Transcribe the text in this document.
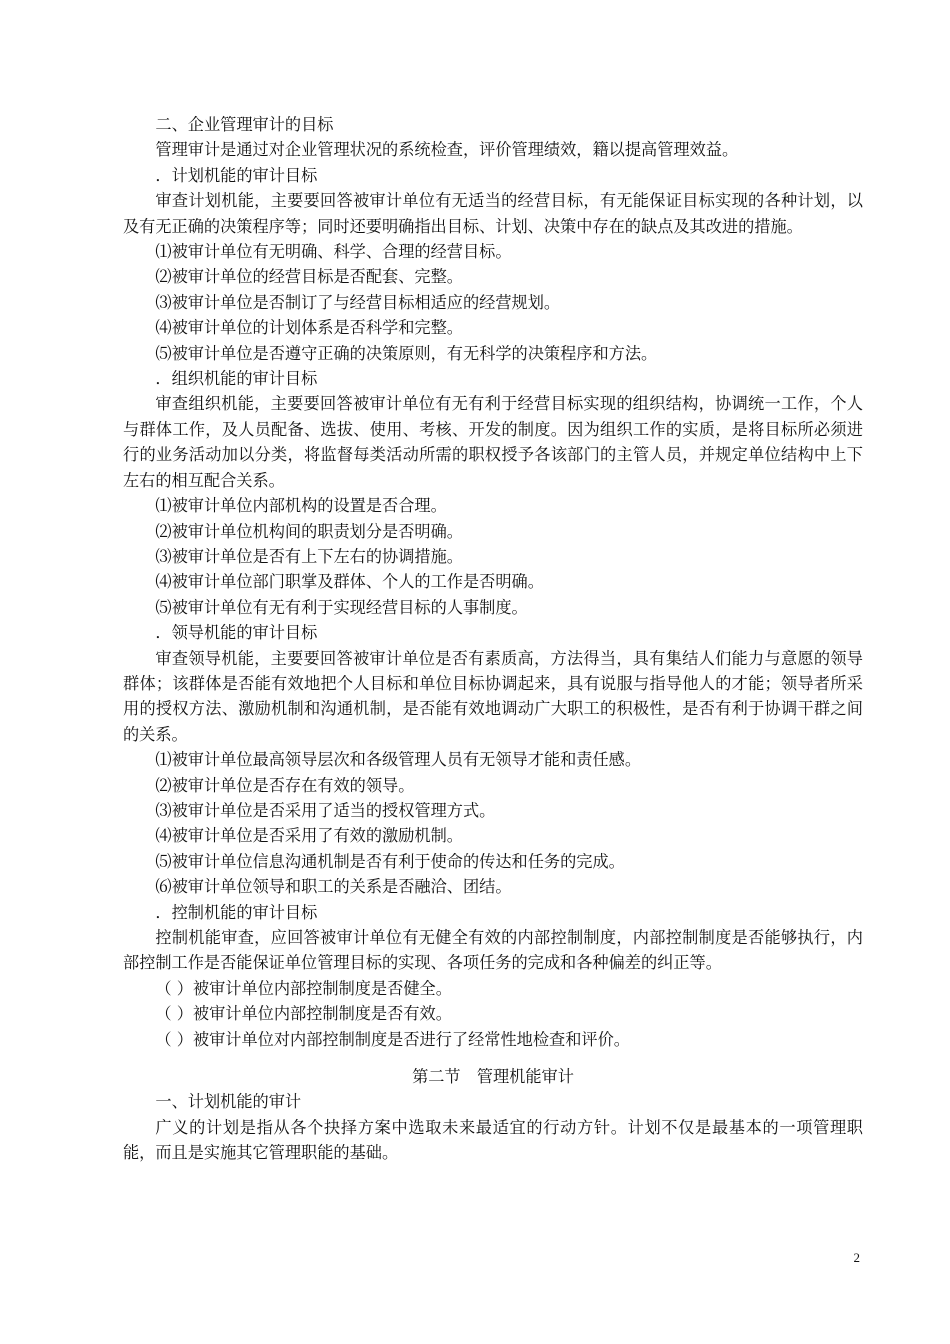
二、企业管理审计的目标

管理审计是通过对企业管理状况的系统检查，评价管理绩效，籍以提高管理效益。

．计划机能的审计目标

审查计划机能，主要要回答被审计单位有无适当的经营目标，有无能保证目标实现的各种计划，以及有无正确的决策程序等；同时还要明确指出目标、计划、决策中存在的缺点及其改进的措施。

⑴被审计单位有无明确、科学、合理的经营目标。

⑵被审计单位的经营目标是否配套、完整。

⑶被审计单位是否制订了与经营目标相适应的经营规划。

⑷被审计单位的计划体系是否科学和完整。

⑸被审计单位是否遵守正确的决策原则，有无科学的决策程序和方法。

．组织机能的审计目标

审查组织机能，主要要回答被审计单位有无有利于经营目标实现的组织结构，协调统一工作，个人与群体工作，及人员配备、选拔、使用、考核、开发的制度。因为组织工作的实质，是将目标所必须进行的业务活动加以分类，将监督每类活动所需的职权授予各该部门的主管人员，并规定单位结构中上下左右的相互配合关系。

⑴被审计单位内部机构的设置是否合理。

⑵被审计单位机构间的职责划分是否明确。

⑶被审计单位是否有上下左右的协调措施。

⑷被审计单位部门职掌及群体、个人的工作是否明确。

⑸被审计单位有无有利于实现经营目标的人事制度。

．领导机能的审计目标

审查领导机能，主要要回答被审计单位是否有素质高，方法得当，具有集结人们能力与意愿的领导群体；该群体是否能有效地把个人目标和单位目标协调起来，具有说服与指导他人的才能；领导者所采用的授权方法、激励机制和沟通机制，是否能有效地调动广大职工的积极性，是否有利于协调干群之间的关系。

⑴被审计单位最高领导层次和各级管理人员有无领导才能和责任感。

⑵被审计单位是否存在有效的领导。

⑶被审计单位是否采用了适当的授权管理方式。

⑷被审计单位是否采用了有效的激励机制。

⑸被审计单位信息沟通机制是否有利于使命的传达和任务的完成。

⑹被审计单位领导和职工的关系是否融洽、团结。

．控制机能的审计目标

控制机能审查，应回答被审计单位有无健全有效的内部控制制度，内部控制制度是否能够执行，内部控制工作是否能保证单位管理目标的实现、各项任务的完成和各种偏差的纠正等。

（ ）被审计单位内部控制制度是否健全。

（ ）被审计单位内部控制制度是否有效。

（ ）被审计单位对内部控制制度是否进行了经常性地检查和评价。

第二节　管理机能审计

一、计划机能的审计

广义的计划是指从各个抉择方案中选取未来最适宜的行动方针。计划不仅是最基本的一项管理职能，而且是实施其它管理职能的基础。

2
